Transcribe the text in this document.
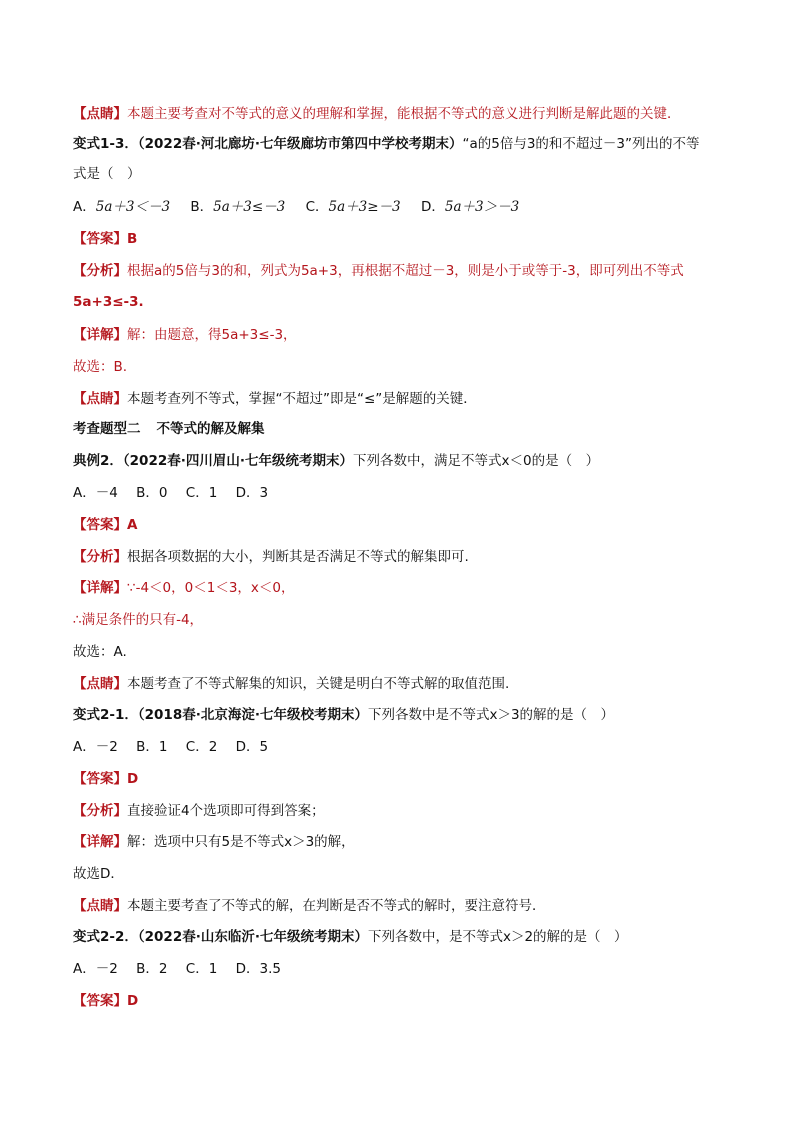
【点睛】本题主要考查对不等式的意义的理解和掌握，能根据不等式的意义进行判断是解此题的关键．
变式1-3．（2022春·河北廊坊·七年级廊坊市第四中学校考期末）“a的5倍与3的和不超过－3”列出的不等
式是（　）
A．5a＋3＜－3 B．5a＋3≤－3 C．5a＋3≥－3 D．5a＋3＞－3
【答案】B
【分析】根据a的5倍与3的和，列式为5a+3，再根据不超过－3，则是小于或等于-3，即可列出不等式
5a+3≤-3.
【详解】解：由题意，得5a+3≤-3，
故选：B.
【点睛】本题考查列不等式，掌握“不超过”即是“≤”是解题的关键．
考查题型二 不等式的解及解集
典例2．（2022春·四川眉山·七年级统考期末）下列各数中，满足不等式x＜0的是（　）
A．－4 B．0 C．1 D．3
【答案】A
【分析】根据各项数据的大小，判断其是否满足不等式的解集即可.
【详解】∵-4＜0，0＜1＜3，x＜0，
∴满足条件的只有-4，
故选：A.
【点睛】本题考查了不等式解集的知识，关键是明白不等式解的取值范围.
变式2-1．（2018春·北京海淀·七年级校考期末）下列各数中是不等式x＞3的解的是（　）
A．－2 B．1 C．2 D．5
【答案】D
【分析】直接验证4个选项即可得到答案；
【详解】解：选项中只有5是不等式x＞3的解，
故选D．
【点睛】本题主要考查了不等式的解，在判断是否不等式的解时，要注意符号．
变式2-2．（2022春·山东临沂·七年级统考期末）下列各数中，是不等式x＞2的解的是（　）
A．－2 B．2 C．1 D．3.5
【答案】D
